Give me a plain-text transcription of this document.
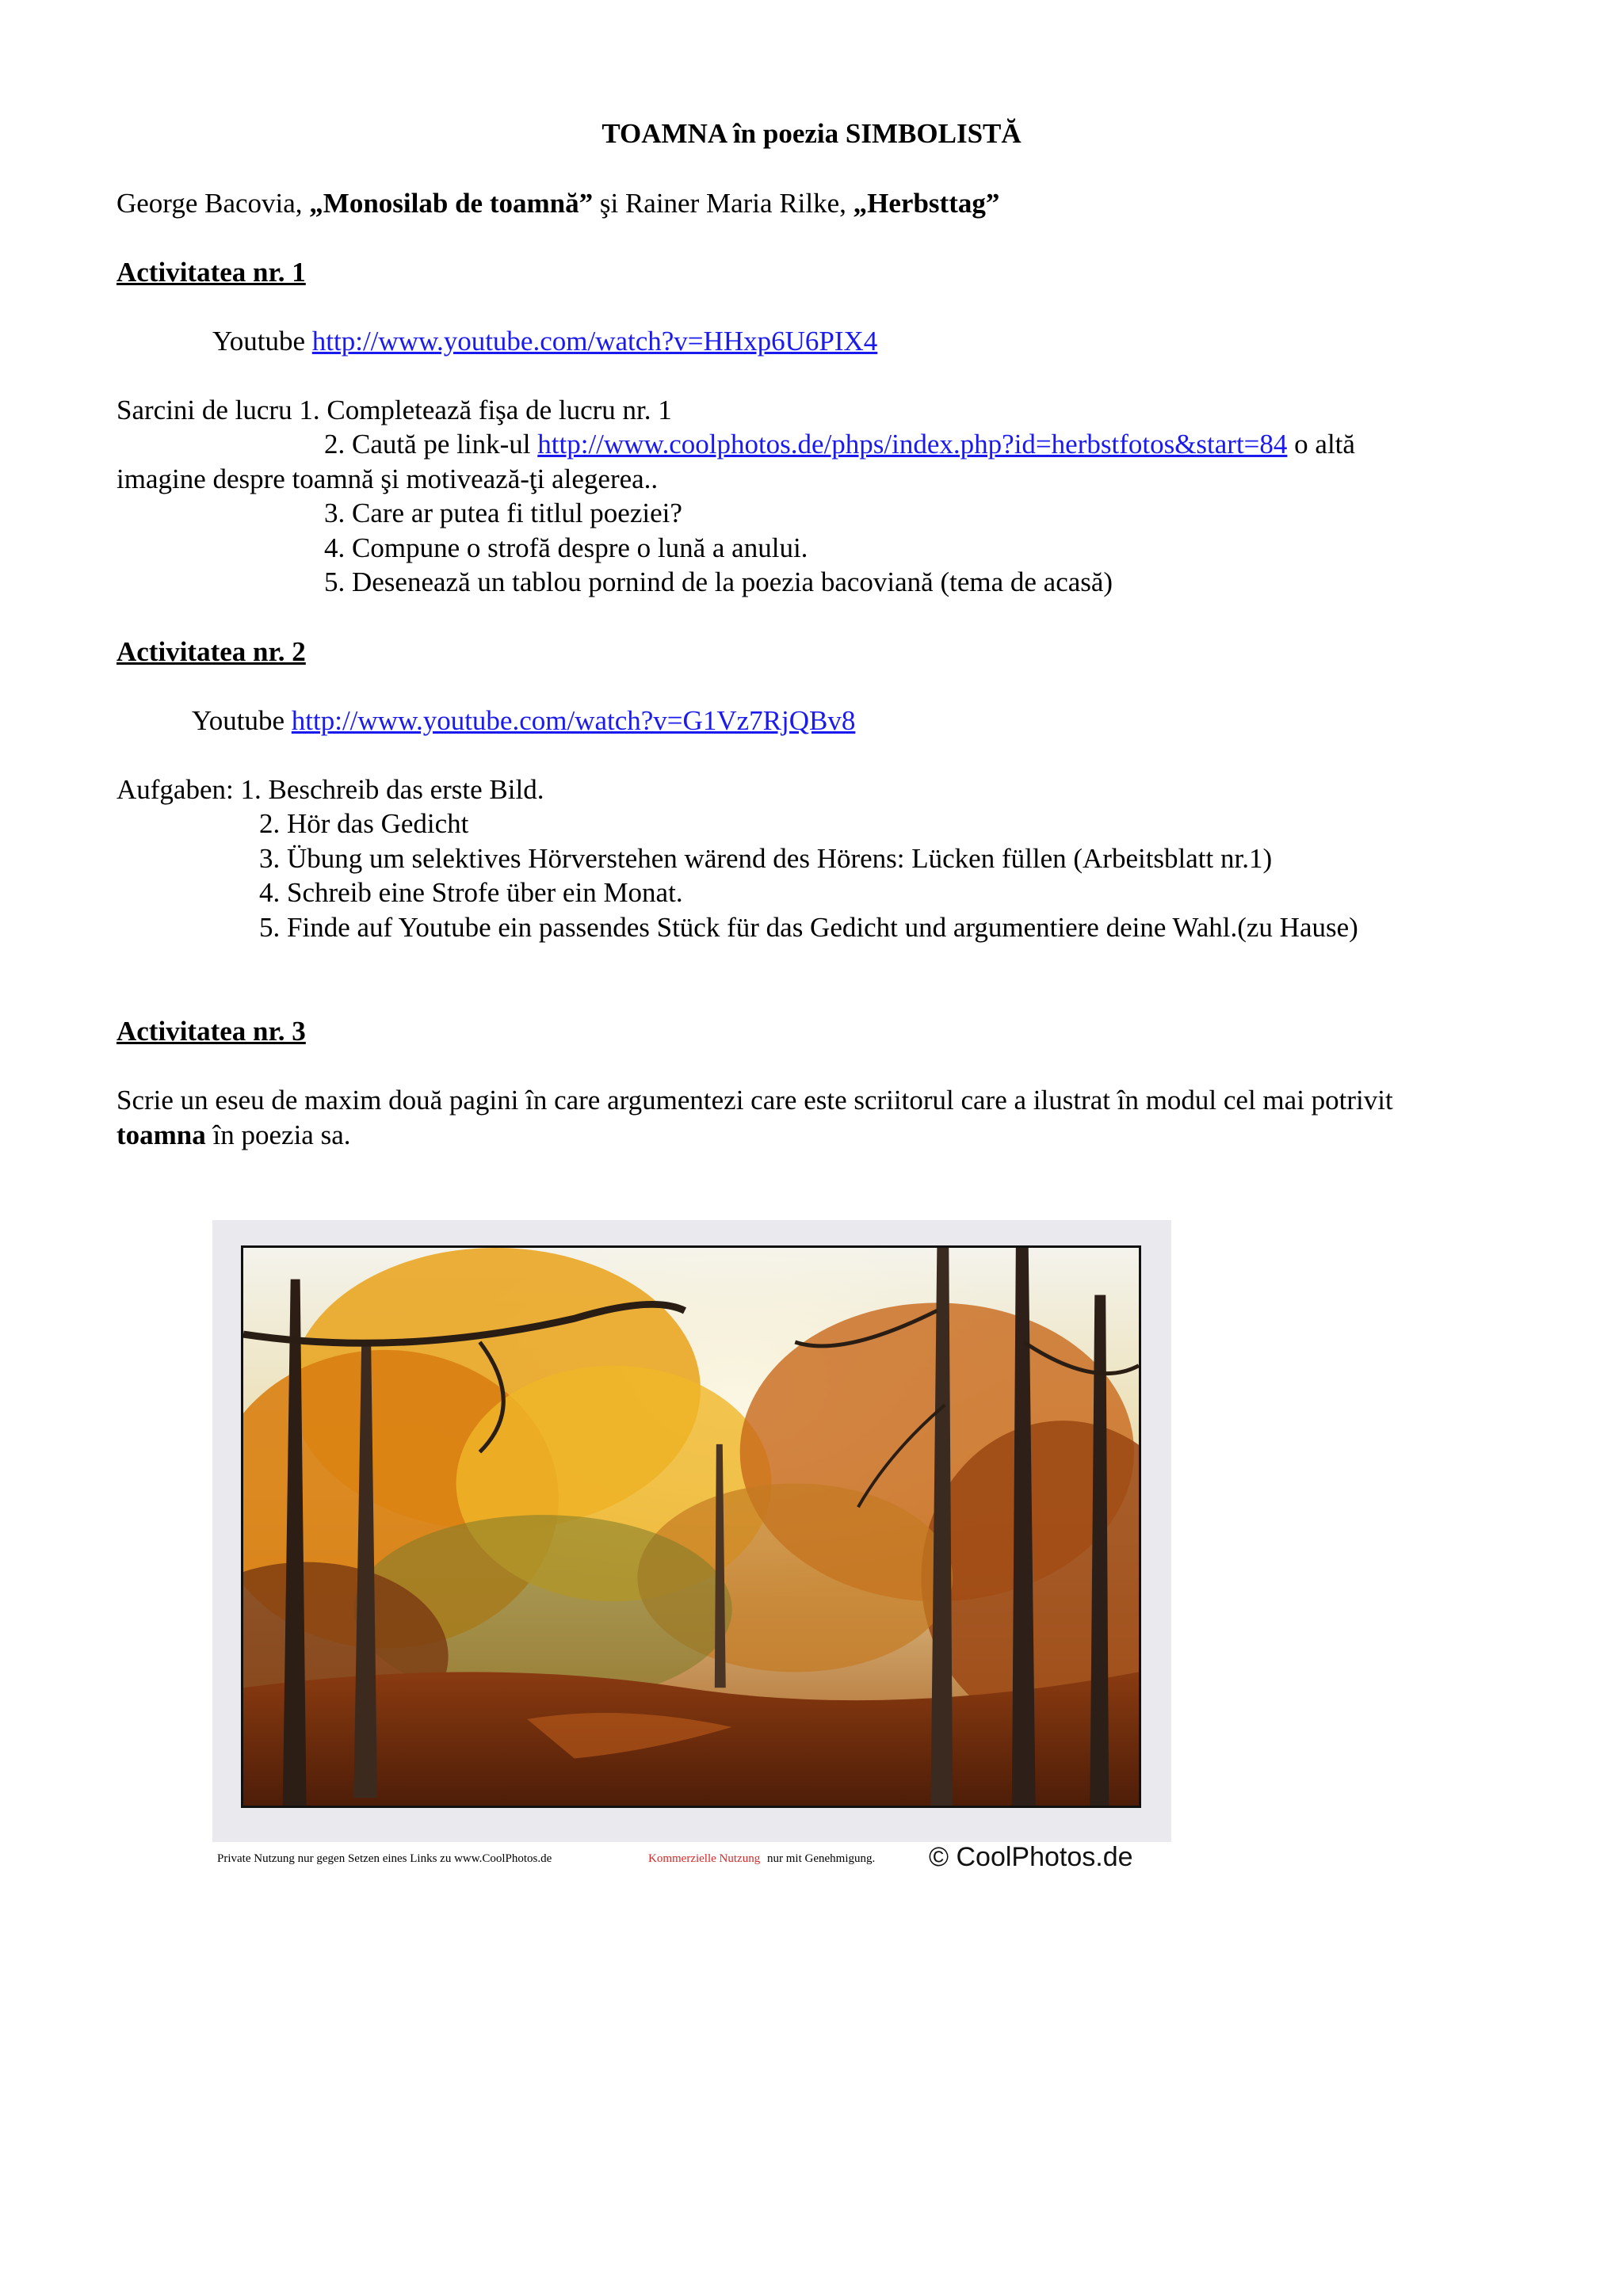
TOAMNA în poezia SIMBOLISTĂ
George Bacovia, „Monosilab de toamnă” şi Rainer Maria Rilke, „Herbsttag”
Activitatea nr. 1
Youtube http://www.youtube.com/watch?v=HHxp6U6PIX4
Sarcini de lucru 1. Completează fişa de lucru nr. 1
2. Caută pe link-ul http://www.coolphotos.de/phps/index.php?id=herbstfotos&start=84 o altă
imagine despre toamnă şi motivează-ţi alegerea..
3. Care ar putea fi titlul poeziei?
4. Compune o strofă despre o lună a anului.
5. Desenează un tablou pornind de la poezia bacoviană (tema de acasă)
Activitatea nr. 2
Youtube http://www.youtube.com/watch?v=G1Vz7RjQBv8
Aufgaben: 1. Beschreib das erste Bild.
2. Hör das Gedicht
3. Übung um selektives Hörverstehen wärend des Hörens: Lücken füllen (Arbeitsblatt nr.1)
4. Schreib eine Strofe über ein Monat.
5. Finde auf Youtube ein passendes Stück für das Gedicht und argumentiere deine Wahl.(zu Hause)
Activitatea nr. 3
Scrie un eseu de maxim două pagini în care argumentezi care este scriitorul care a ilustrat în modul cel mai potrivit
toamna în poezia sa.
Private Nutzung nur gegen Setzen eines Links zu www.CoolPhotos.de	Kommerzielle Nutzung nur mit Genehmigung. © CoolPhotos.de
